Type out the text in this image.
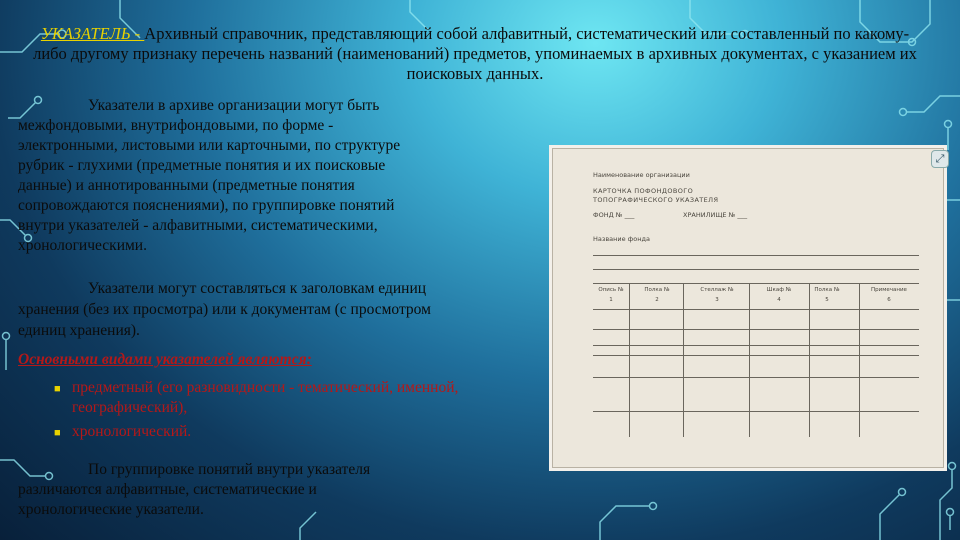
УКАЗАТЕЛЬ - Архивный справочник, представляющий собой алфавитный, систематический или составленный по какому-либо другому признаку перечень названий (наименований) предметов, упоминаемых в архивных документах, с указанием их поисковых данных.
Указатели в архиве организации могут быть
межфондовыми, внутрифондовыми, по форме -
электронными, листовыми или карточными, по структуре
рубрик - глухими (предметные понятия и их поисковые
данные) и аннотированными (предметные понятия
сопровождаются пояснениями), по группировке понятий
внутри указателей - алфавитными, систематическими,
хронологическими.
Указатели могут составляться к заголовкам единиц
хранения (без их просмотра) или к документам (с просмотром
единиц хранения).
Основными видами указателей являются:
■ предметный (его разновидности - тематический, именной, географический),
■ хронологический.
По группировке понятий внутри указателя
различаются алфавитные, систематические и
хронологические указатели.
Наименование организации
КАРТОЧКА ПОФОНДОВОГО
ТОПОГРАФИЧЕСКОГО УКАЗАТЕЛЯ
ФОНД № ___	ХРАНИЛИЩЕ № ___
Название фонда
Опись №	Полка №	Стеллаж №	Шкаф №	Полка №	Примечание
1	2	3	4	5	6
⤢
